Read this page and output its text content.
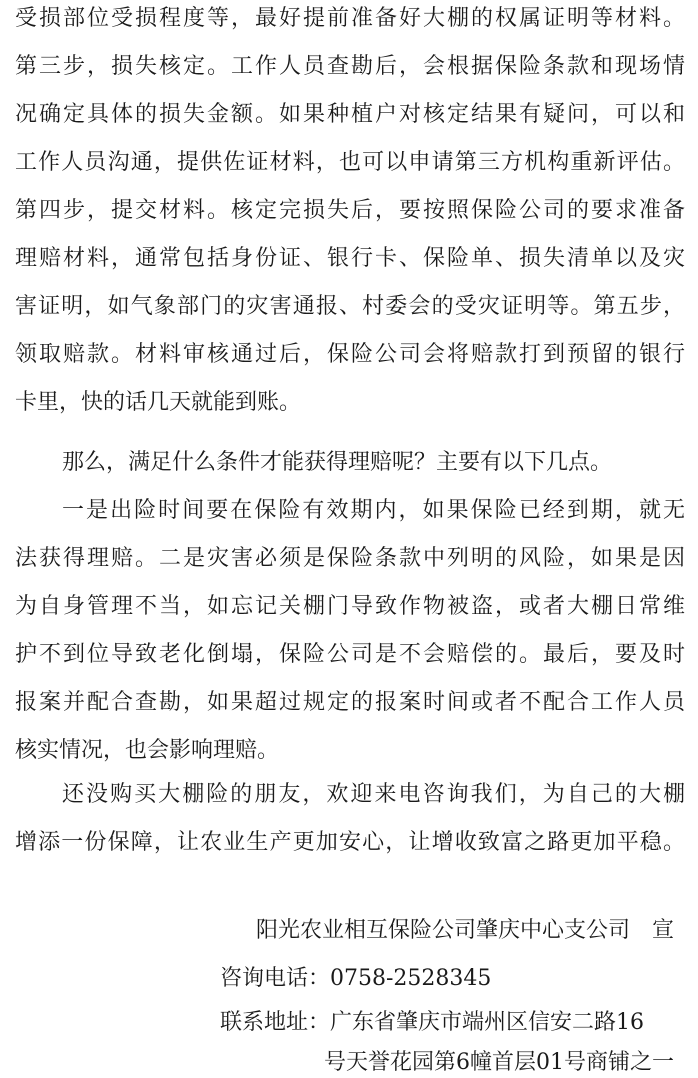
受损部位受损程度等，最好提前准备好大棚的权属证明等材料。
第三步，损失核定。工作人员查勘后，会根据保险条款和现场情
况确定具体的损失金额。如果种植户对核定结果有疑问，可以和
工作人员沟通，提供佐证材料，也可以申请第三方机构重新评估。
第四步，提交材料。核定完损失后，要按照保险公司的要求准备
理赔材料，通常包括身份证、银行卡、保险单、损失清单以及灾
害证明，如气象部门的灾害通报、村委会的受灾证明等。第五步，
领取赔款。材料审核通过后，保险公司会将赔款打到预留的银行
卡里，快的话几天就能到账。
那么，满足什么条件才能获得理赔呢？主要有以下几点。
一是出险时间要在保险有效期内，如果保险已经到期，就无
法获得理赔。二是灾害必须是保险条款中列明的风险，如果是因
为自身管理不当，如忘记关棚门导致作物被盗，或者大棚日常维
护不到位导致老化倒塌，保险公司是不会赔偿的。最后，要及时
报案并配合查勘，如果超过规定的报案时间或者不配合工作人员
核实情况，也会影响理赔。
还没购买大棚险的朋友，欢迎来电咨询我们，为自己的大棚
增添一份保障，让农业生产更加安心，让增收致富之路更加平稳。
阳光农业相互保险公司肇庆中心支公司　宣
咨询电话：0758-2528345
联系地址：广东省肇庆市端州区信安二路16
号天誉花园第6幢首层01号商铺之一
